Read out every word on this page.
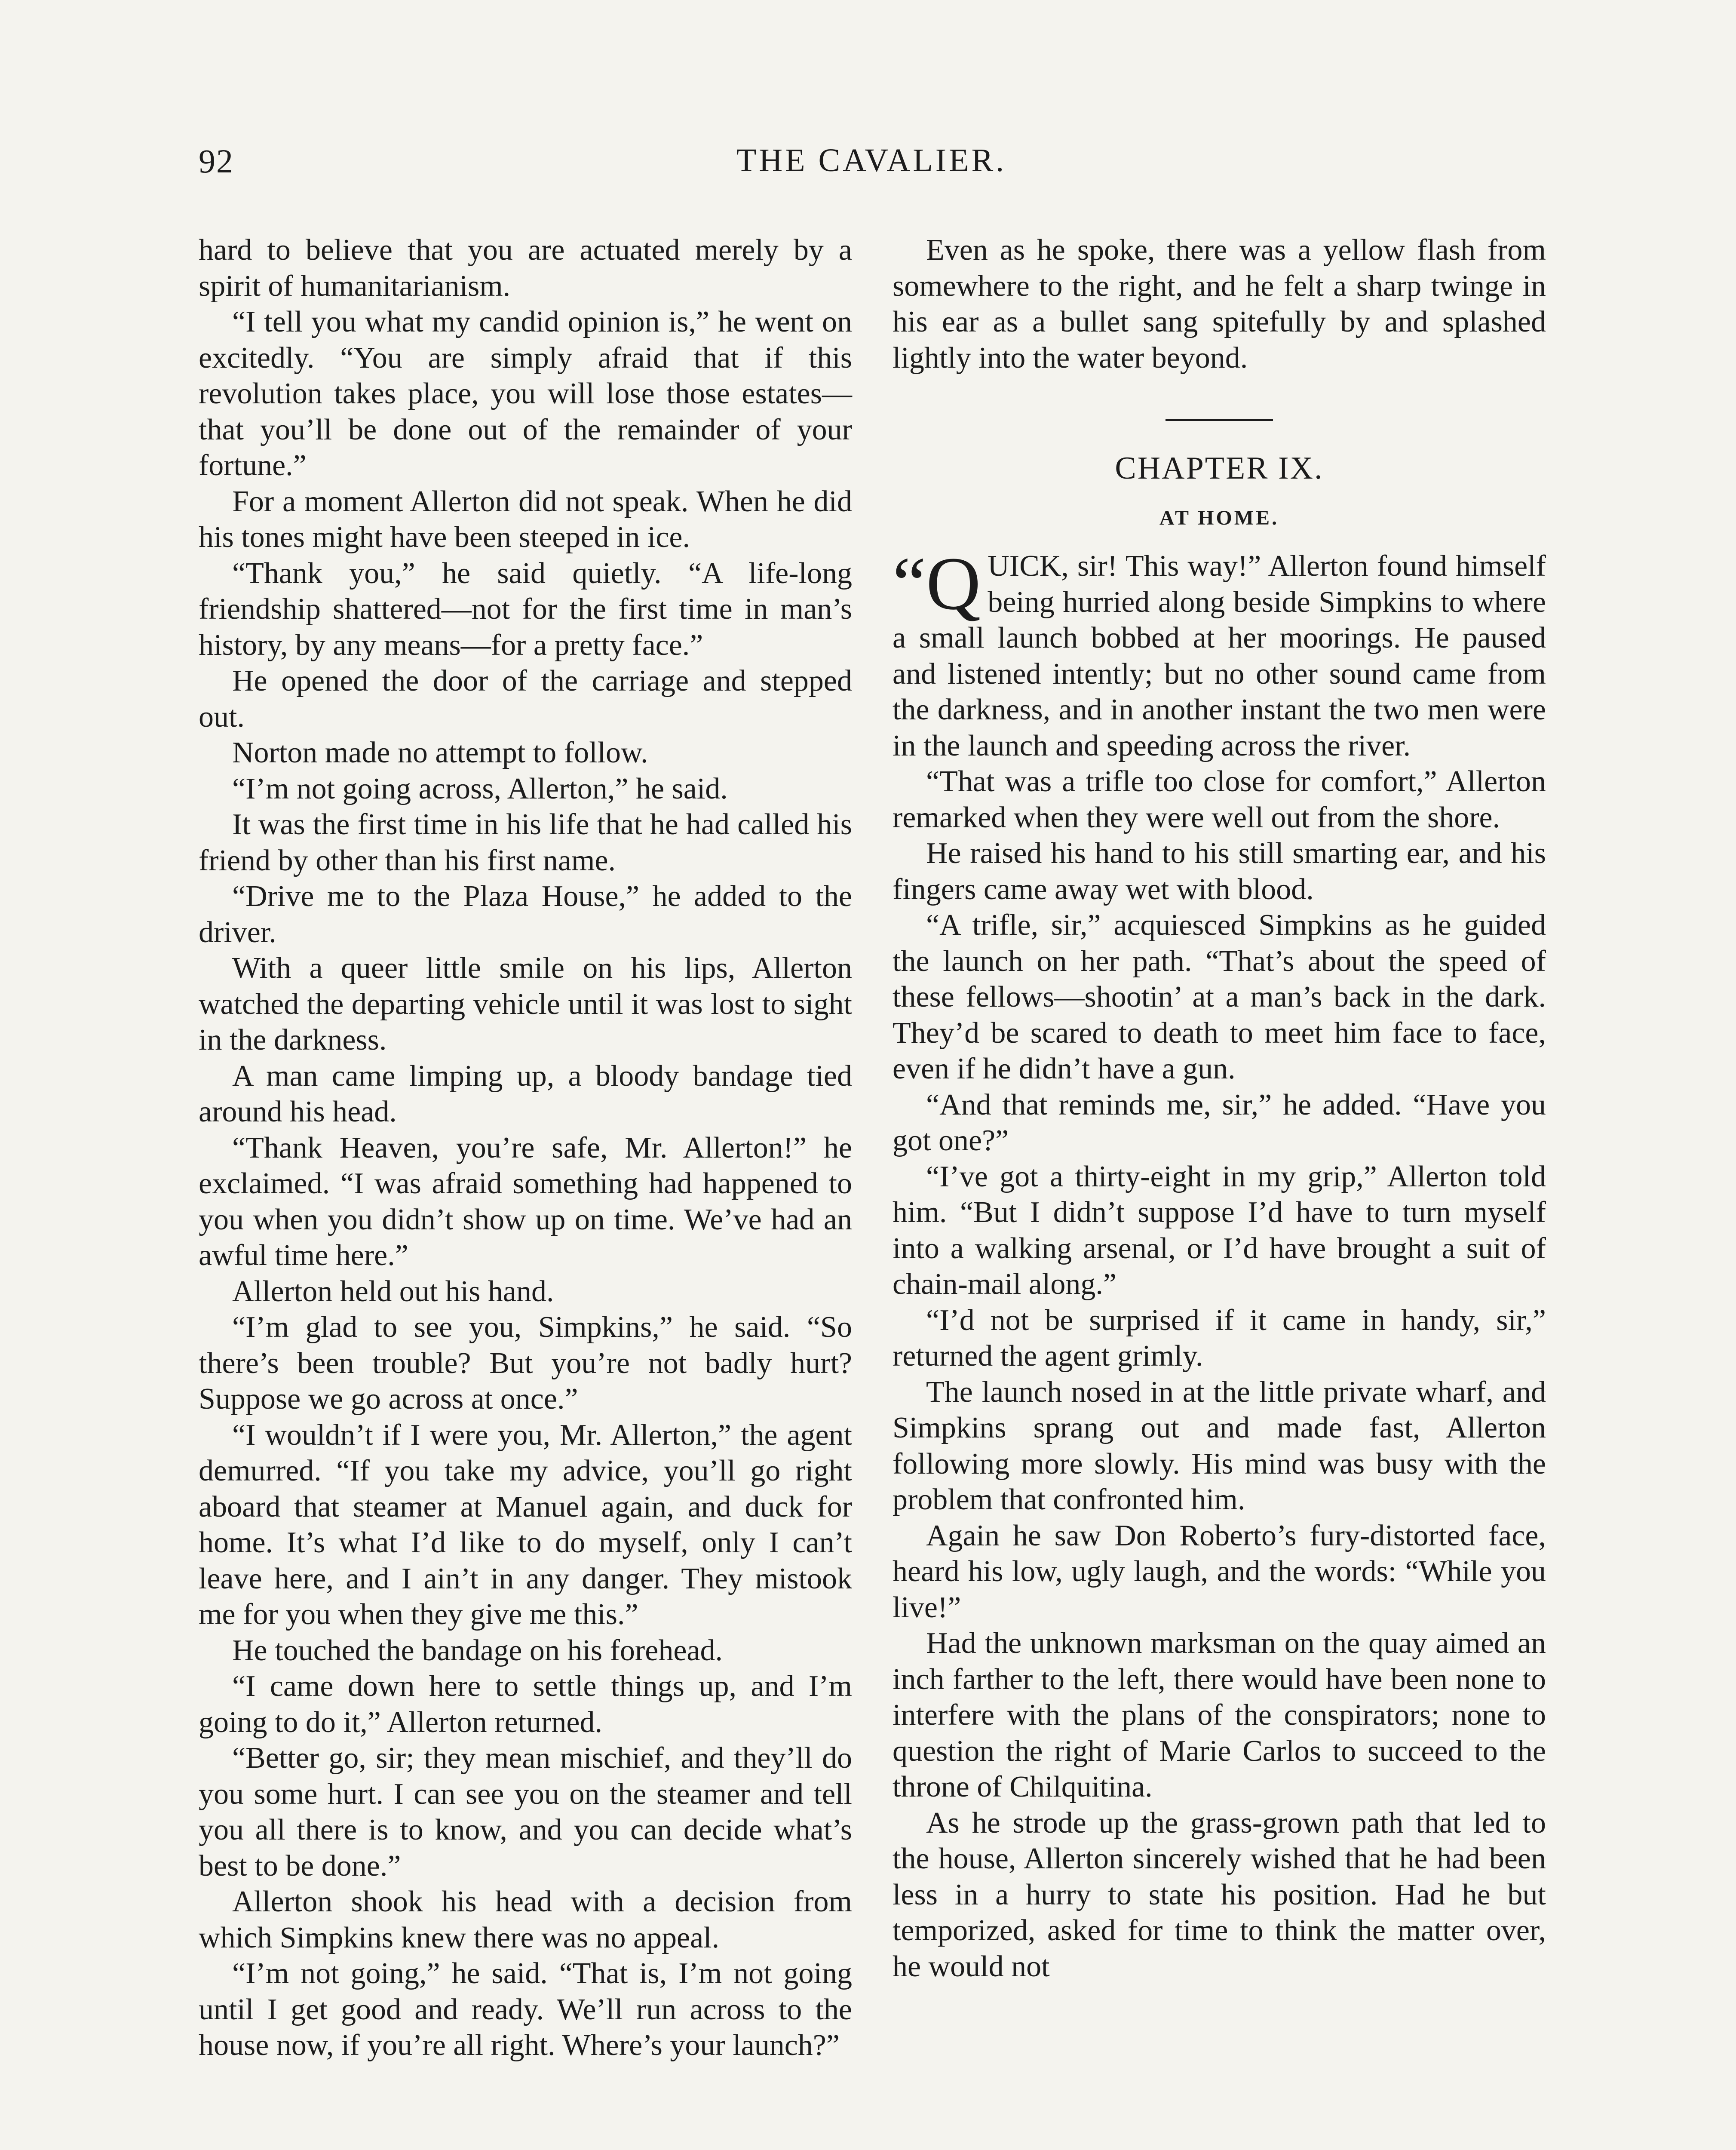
92	THE CAVALIER.

hard to believe that you are actuated merely by a spirit of humanitarianism.

“I tell you what my candid opinion is,” he went on excitedly. “You are simply afraid that if this revolution takes place, you will lose those estates—that you’ll be done out of the remainder of your fortune.”

For a moment Allerton did not speak. When he did his tones might have been steeped in ice.

“Thank you,” he said quietly. “A life-long friendship shattered—not for the first time in man’s history, by any means—for a pretty face.”

He opened the door of the carriage and stepped out.

Norton made no attempt to follow.

“I’m not going across, Allerton,” he said.

It was the first time in his life that he had called his friend by other than his first name.

“Drive me to the Plaza House,” he added to the driver.

With a queer little smile on his lips, Allerton watched the departing vehicle until it was lost to sight in the darkness.

A man came limping up, a bloody bandage tied around his head.

“Thank Heaven, you’re safe, Mr. Allerton!” he exclaimed. “I was afraid something had happened to you when you didn’t show up on time. We’ve had an awful time here.”

Allerton held out his hand.

“I’m glad to see you, Simpkins,” he said. “So there’s been trouble? But you’re not badly hurt? Suppose we go across at once.”

“I wouldn’t if I were you, Mr. Allerton,” the agent demurred. “If you take my advice, you’ll go right aboard that steamer at Manuel again, and duck for home. It’s what I’d like to do myself, only I can’t leave here, and I ain’t in any danger. They mistook me for you when they give me this.”

He touched the bandage on his forehead.

“I came down here to settle things up, and I’m going to do it,” Allerton returned.

“Better go, sir; they mean mischief, and they’ll do you some hurt. I can see you on the steamer and tell you all there is to know, and you can decide what’s best to be done.”

Allerton shook his head with a decision from which Simpkins knew there was no appeal.

“I’m not going,” he said. “That is, I’m not going until I get good and ready. We’ll run across to the house now, if you’re all right. Where’s your launch?”

Even as he spoke, there was a yellow flash from somewhere to the right, and he felt a sharp twinge in his ear as a bullet sang spitefully by and splashed lightly into the water beyond.

CHAPTER IX.
AT HOME.

“Q UICK, sir! This way!” Allerton found himself being hurried along beside Simpkins to where a small launch bobbed at her moorings. He paused and listened intently; but no other sound came from the darkness, and in another instant the two men were in the launch and speeding across the river.

“That was a trifle too close for comfort,” Allerton remarked when they were well out from the shore.

He raised his hand to his still smarting ear, and his fingers came away wet with blood.

“A trifle, sir,” acquiesced Simpkins as he guided the launch on her path. “That’s about the speed of these fellows—shootin’ at a man’s back in the dark. They’d be scared to death to meet him face to face, even if he didn’t have a gun.

“And that reminds me, sir,” he added. “Have you got one?”

“I’ve got a thirty-eight in my grip,” Allerton told him. “But I didn’t suppose I’d have to turn myself into a walking arsenal, or I’d have brought a suit of chain-mail along.”

“I’d not be surprised if it came in handy, sir,” returned the agent grimly.

The launch nosed in at the little private wharf, and Simpkins sprang out and made fast, Allerton following more slowly. His mind was busy with the problem that confronted him.

Again he saw Don Roberto’s fury-distorted face, heard his low, ugly laugh, and the words: “While you live!”

Had the unknown marksman on the quay aimed an inch farther to the left, there would have been none to interfere with the plans of the conspirators; none to question the right of Marie Carlos to succeed to the throne of Chilquitina.

As he strode up the grass-grown path that led to the house, Allerton sincerely wished that he had been less in a hurry to state his position. Had he but temporized, asked for time to think the matter over, he would not
